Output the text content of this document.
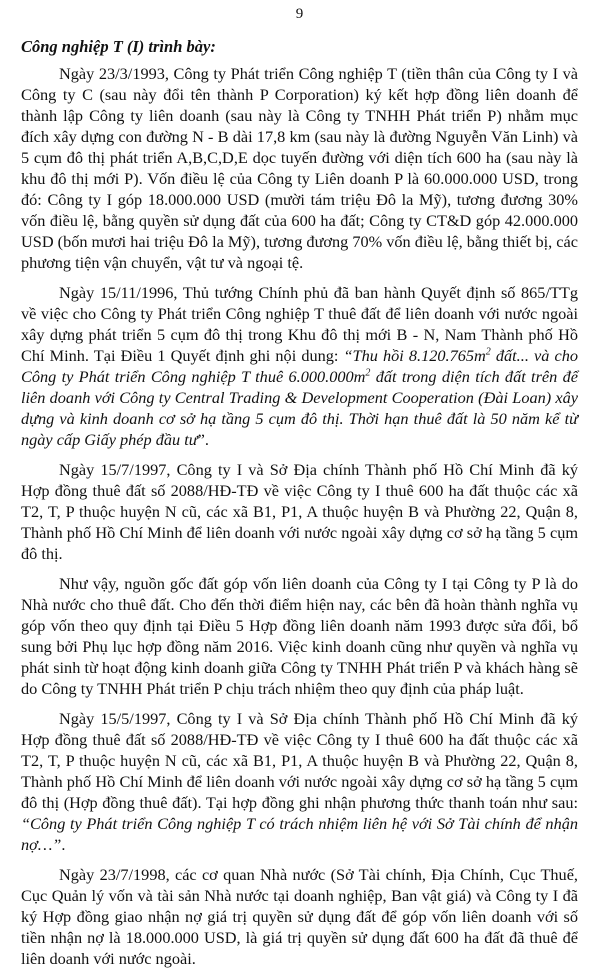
9
Công nghiệp T (I) trình bày:

Ngày 23/3/1993, Công ty Phát triển Công nghiệp T (tiền thân của Công ty I và Công ty C (sau này đổi tên thành P Corporation) ký kết hợp đồng liên doanh để thành lập Công ty liên doanh (sau này là Công ty TNHH Phát triển P) nhằm mục đích xây dựng con đường N - B dài 17,8 km (sau này là đường Nguyễn Văn Linh) và 5 cụm đô thị phát triển A,B,C,D,E dọc tuyến đường với diện tích 600 ha (sau này là khu đô thị mới P). Vốn điều lệ của Công ty Liên doanh P là 60.000.000 USD, trong đó: Công ty I góp 18.000.000 USD (mười tám triệu Đô la Mỹ), tương đương 30% vốn điều lệ, bằng quyền sử dụng đất của 600 ha đất; Công ty CT&D góp 42.000.000 USD (bốn mươi hai triệu Đô la Mỹ), tương đương 70% vốn điều lệ, bằng thiết bị, các phương tiện vận chuyển, vật tư và ngoại tệ.

Ngày 15/11/1996, Thủ tướng Chính phủ đã ban hành Quyết định số 865/TTg về việc cho Công ty Phát triển Công nghiệp T thuê đất để liên doanh với nước ngoài xây dựng phát triển 5 cụm đô thị trong Khu đô thị mới B - N, Nam Thành phố Hồ Chí Minh. Tại Điều 1 Quyết định ghi nội dung: “Thu hồi $8.120.765m^2$ đất... và cho Công ty Phát triển Công nghiệp T thuê $6.000.000m^2$ đất trong diện tích đất trên để liên doanh với Công ty Central Trading & Development Cooperation (Đài Loan) xây dựng và kinh doanh cơ sở hạ tầng 5 cụm đô thị. Thời hạn thuê đất là 50 năm kể từ ngày cấp Giấy phép đầu tư”.

Ngày 15/7/1997, Công ty I và Sở Địa chính Thành phố Hồ Chí Minh đã ký Hợp đồng thuê đất số 2088/HĐ-TĐ về việc Công ty I thuê 600 ha đất thuộc các xã T2, T, P thuộc huyện N cũ, các xã B1, P1, A thuộc huyện B và Phường 22, Quận 8, Thành phố Hồ Chí Minh để liên doanh với nước ngoài xây dựng cơ sở hạ tầng 5 cụm đô thị.

Như vậy, nguồn gốc đất góp vốn liên doanh của Công ty I tại Công ty P là do Nhà nước cho thuê đất. Cho đến thời điểm hiện nay, các bên đã hoàn thành nghĩa vụ góp vốn theo quy định tại Điều 5 Hợp đồng liên doanh năm 1993 được sửa đổi, bổ sung bởi Phụ lục hợp đồng năm 2016. Việc kinh doanh cũng như quyền và nghĩa vụ phát sinh từ hoạt động kinh doanh giữa Công ty TNHH Phát triển P và khách hàng sẽ do Công ty TNHH Phát triển P chịu trách nhiệm theo quy định của pháp luật.

Ngày 15/5/1997, Công ty I và Sở Địa chính Thành phố Hồ Chí Minh đã ký Hợp đồng thuê đất số 2088/HĐ-TĐ về việc Công ty I thuê 600 ha đất thuộc các xã T2, T, P thuộc huyện N cũ, các xã B1, P1, A thuộc huyện B và Phường 22, Quận 8, Thành phố Hồ Chí Minh để liên doanh với nước ngoài xây dựng cơ sở hạ tầng 5 cụm đô thị (Hợp đồng thuê đất). Tại hợp đồng ghi nhận phương thức thanh toán như sau: “Công ty Phát triển Công nghiệp T có trách nhiệm liên hệ với Sở Tài chính để nhận nợ…”.

Ngày 23/7/1998, các cơ quan Nhà nước (Sở Tài chính, Địa Chính, Cục Thuế, Cục Quản lý vốn và tài sản Nhà nước tại doanh nghiệp, Ban vật giá) và Công ty I đã ký Hợp đồng giao nhận nợ giá trị quyền sử dụng đất để góp vốn liên doanh với số tiền nhận nợ là 18.000.000 USD, là giá trị quyền sử dụng đất 600 ha đất đã thuê để liên doanh với nước ngoài.
